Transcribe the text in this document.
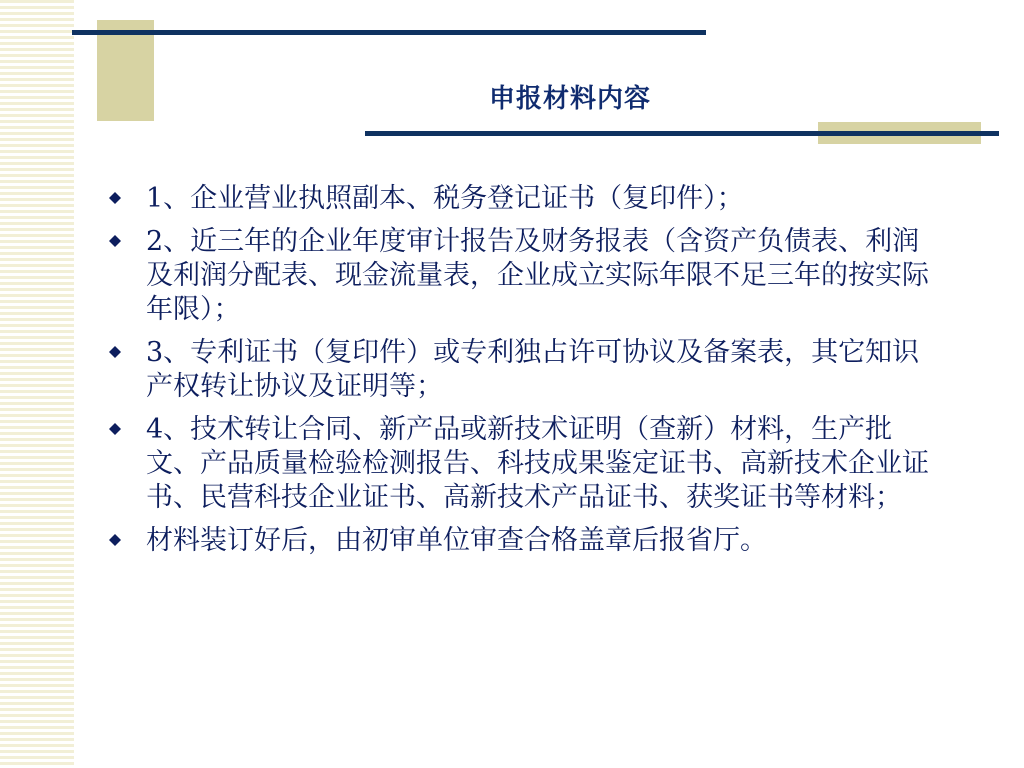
申报材料内容
1、企业营业执照副本、税务登记证书（复印件）；
2、近三年的企业年度审计报告及财务报表（含资产负债表、利润及利润分配表、现金流量表，企业成立实际年限不足三年的按实际年限）；
3、专利证书（复印件）或专利独占许可协议及备案表，其它知识产权转让协议及证明等；
4、技术转让合同、新产品或新技术证明（查新）材料，生产批文、产品质量检验检测报告、科技成果鉴定证书、高新技术企业证书、民营科技企业证书、高新技术产品证书、获奖证书等材料；
材料装订好后，由初审单位审查合格盖章后报省厅。
